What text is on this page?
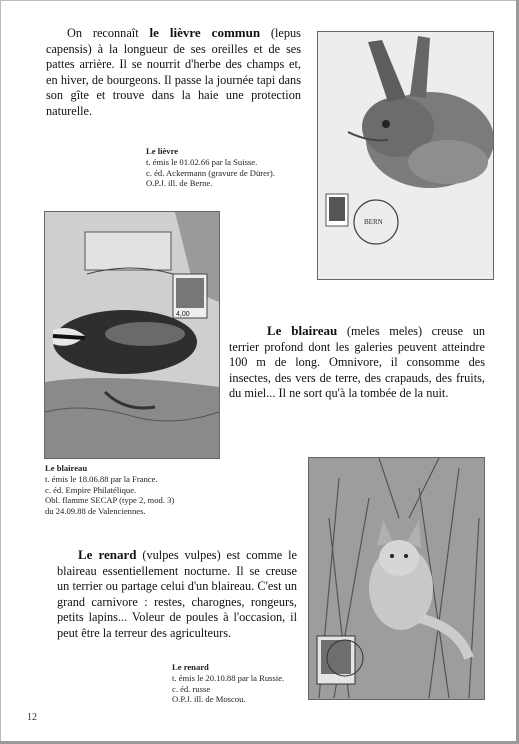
On reconnaît le lièvre commun (lepus capensis) à la longueur de ses oreilles et de ses pattes arrière. Il se nourrit d'herbe des champs et, en hiver, de bourgeons. Il passe la journée tapi dans son gîte et trouve dans la haie une protection naturelle.

BERN
Le lièvre
t. émis le 01.02.66 par la Suisse.
c. éd. Ackermann (gravure de Dürer).
O.P.J. ill. de Berne.
4,00

Le blaireau (meles meles) creuse un terrier profond dont les galeries peuvent atteindre 100 m de long. Omnivore, il consomme des insectes, des vers de terre, des crapauds, des fruits, du miel... Il ne sort qu'à la tombée de la nuit.

Le blaireau
t. émis le 18.06.88 par la France.
c. éd. Empire Philatélique.
Obl. flamme SECAP (type 2, mod. 3)
du 24.09.88 de Valenciennes.

Le renard (vulpes vulpes) est comme le blaireau essentiellement nocturne. Il se creuse un terrier ou partage celui d'un blaireau. C'est un grand carnivore : restes, charognes, rongeurs, petits lapins... Voleur de poules à l'occasion, il peut être la terreur des agriculteurs.

Le renard
t. émis le 20.10.88 par la Russie.
c. éd. russe
O.P.J. ill. de Moscou.
12
